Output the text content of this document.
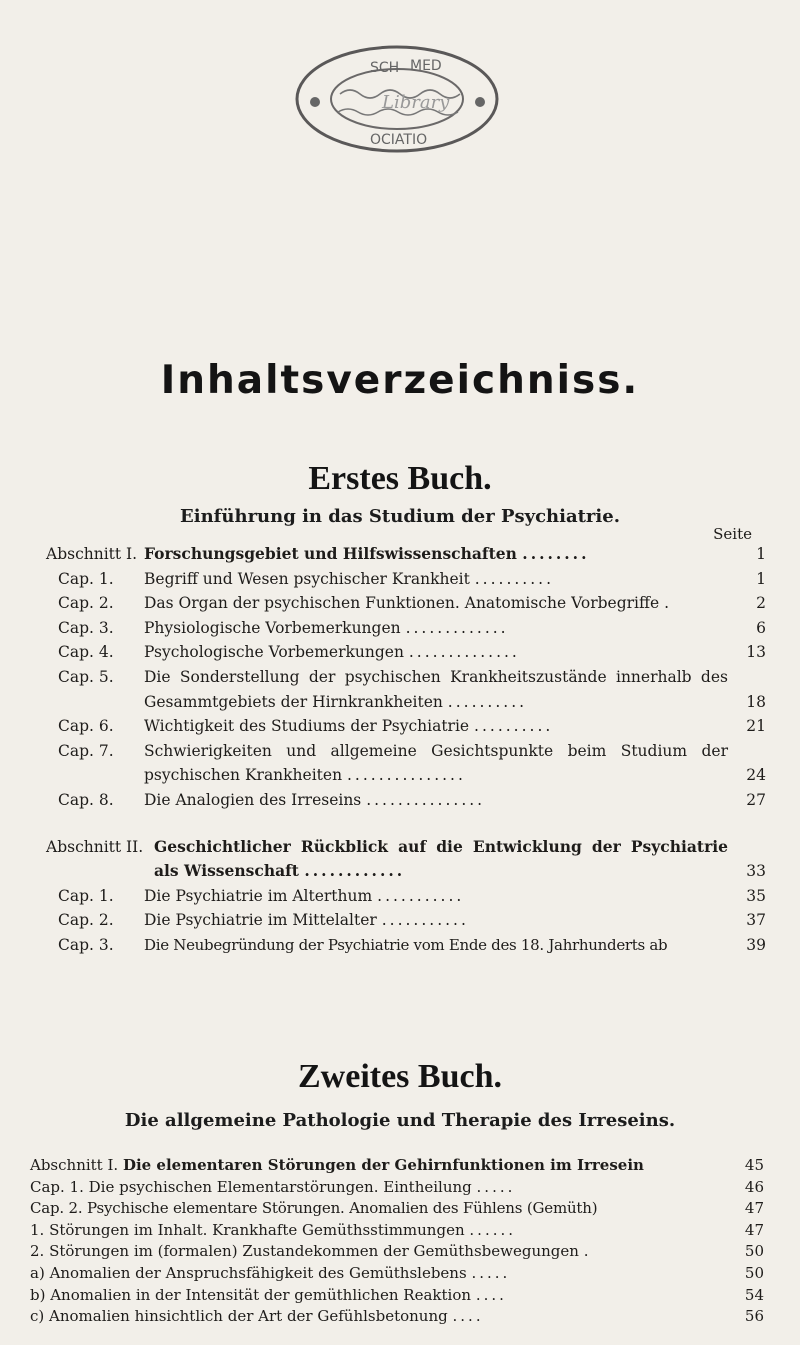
SCH MED
Library
OCIATIO
Inhaltsverzeichniss.
Erstes Buch.
Einführung in das Studium der Psychiatrie.
Seite
Abschnitt I. Forschungsgebiet und Hilfswissenschaften ........	1
Cap. 1. Begriff und Wesen psychischer Krankheit ..........	1
Cap. 2. Das Organ der psychischen Funktionen. Anatomische Vorbegriffe .	2
Cap. 3. Physiologische Vorbemerkungen .............	6
Cap. 4. Psychologische Vorbemerkungen ..............	13
Cap. 5. Die Sonderstellung der psychischen Krankheitszustände innerhalb des Gesammtgebiets der Hirnkrankheiten ..........	18
Cap. 6. Wichtigkeit des Studiums der Psychiatrie ..........	21
Cap. 7. Schwierigkeiten und allgemeine Gesichtspunkte beim Studium der psychischen Krankheiten ...............	24
Cap. 8. Die Analogien des Irreseins ...............	27
Abschnitt II. Geschichtlicher Rückblick auf die Entwicklung der Psychiatrie als Wissenschaft ............	33
Cap. 1. Die Psychiatrie im Alterthum ...........	35
Cap. 2. Die Psychiatrie im Mittelalter ...........	37
Cap. 3. Die Neubegründung der Psychiatrie vom Ende des 18. Jahrhunderts ab	39
Zweites Buch.
Die allgemeine Pathologie und Therapie des Irreseins.
Abschnitt I. Die elementaren Störungen der Gehirnfunktionen im Irresein	45
Cap. 1. Die psychischen Elementarstörungen. Eintheilung .....	46
Cap. 2. Psychische elementare Störungen. Anomalien des Fühlens (Gemüth)	47
1. Störungen im Inhalt. Krankhafte Gemüthsstimmungen ......	47
2. Störungen im (formalen) Zustandekommen der Gemüthsbewegungen .	50
a) Anomalien der Anspruchsfähigkeit des Gemüthslebens .....	50
b) Anomalien in der Intensität der gemüthlichen Reaktion ....	54
c) Anomalien hinsichtlich der Art der Gefühlsbetonung ....	56
